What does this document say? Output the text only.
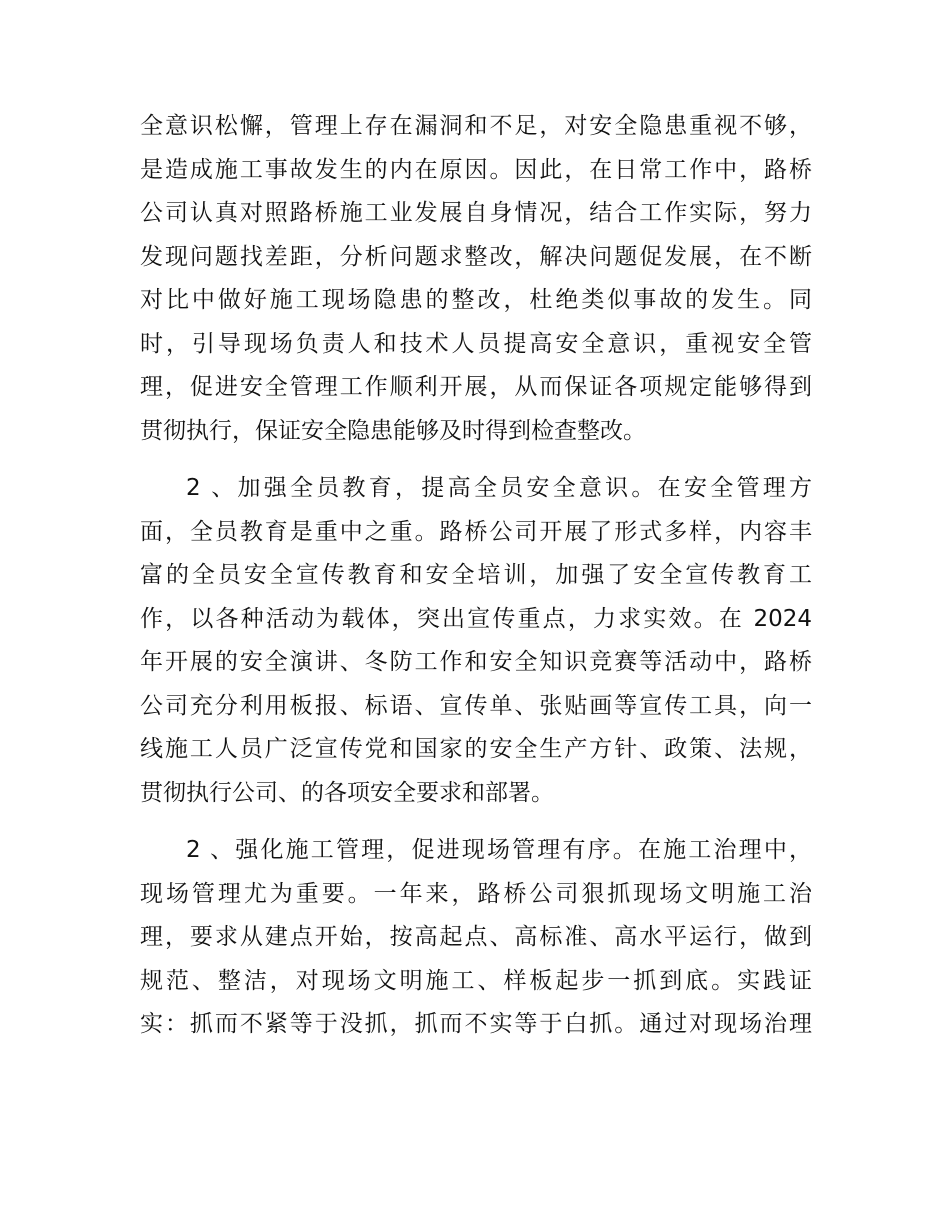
全意识松懈，管理上存在漏洞和不足，对安全隐患重视不够，
是造成施工事故发生的内在原因。因此，在日常工作中，路桥
公司认真对照路桥施工业发展自身情况，结合工作实际，努力
发现问题找差距，分析问题求整改，解决问题促发展，在不断
对比中做好施工现场隐患的整改，杜绝类似事故的发生。同
时，引导现场负责人和技术人员提高安全意识，重视安全管
理，促进安全管理工作顺利开展，从而保证各项规定能够得到
贯彻执行，保证安全隐患能够及时得到检查整改。
2 、加强全员教育，提高全员安全意识。在安全管理方
面，全员教育是重中之重。路桥公司开展了形式多样，内容丰
富的全员安全宣传教育和安全培训，加强了安全宣传教育工
作，以各种活动为载体，突出宣传重点，力求实效。在 2024
年开展的安全演讲、冬防工作和安全知识竞赛等活动中，路桥
公司充分利用板报、标语、宣传单、张贴画等宣传工具，向一
线施工人员广泛宣传党和国家的安全生产方针、政策、法规，
贯彻执行公司、的各项安全要求和部署。
2 、强化施工管理，促进现场管理有序。在施工治理中，
现场管理尤为重要。一年来，路桥公司狠抓现场文明施工治
理，要求从建点开始，按高起点、高标准、高水平运行，做到
规范、整洁，对现场文明施工、样板起步一抓到底。实践证
实：抓而不紧等于没抓，抓而不实等于白抓。通过对现场治理
